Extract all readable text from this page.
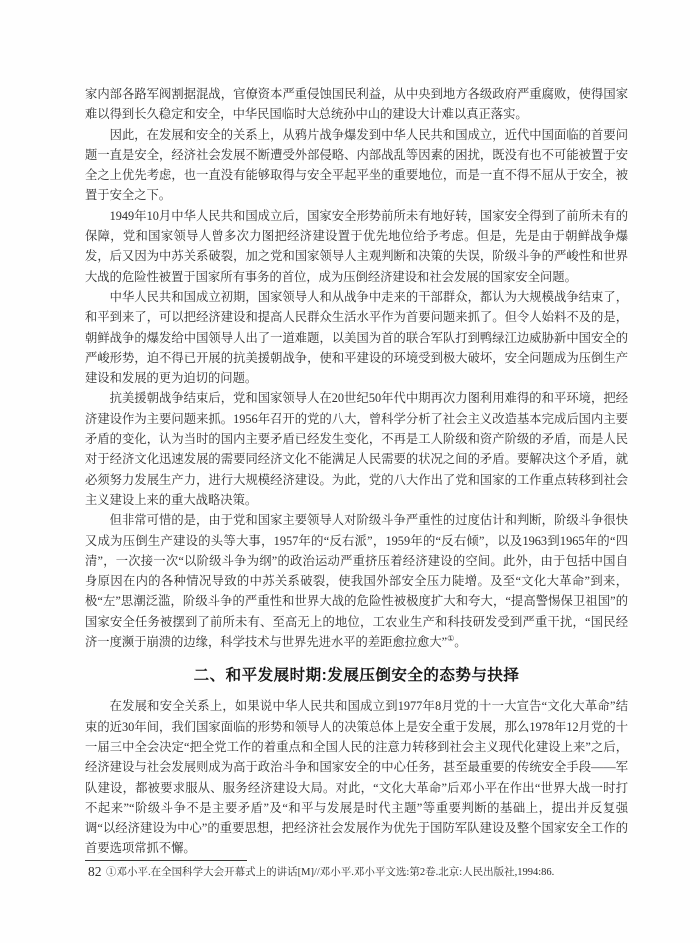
家内部各路军阀割据混战，官僚资本严重侵蚀国民利益，从中央到地方各级政府严重腐败，使得国家难以得到长久稳定和安全，中华民国临时大总统孙中山的建设大计难以真正落实。

因此，在发展和安全的关系上，从鸦片战争爆发到中华人民共和国成立，近代中国面临的首要问题一直是安全，经济社会发展不断遭受外部侵略、内部战乱等因素的困扰，既没有也不可能被置于安全之上优先考虑，也一直没有能够取得与安全平起平坐的重要地位，而是一直不得不屈从于安全，被置于安全之下。

1949年10月中华人民共和国成立后，国家安全形势前所未有地好转，国家安全得到了前所未有的保障，党和国家领导人曾多次力图把经济建设置于优先地位给予考虑。但是，先是由于朝鲜战争爆发，后又因为中苏关系破裂，加之党和国家领导人主观判断和决策的失误，阶级斗争的严峻性和世界大战的危险性被置于国家所有事务的首位，成为压倒经济建设和社会发展的国家安全问题。

中华人民共和国成立初期，国家领导人和从战争中走来的干部群众，都认为大规模战争结束了，和平到来了，可以把经济建设和提高人民群众生活水平作为首要问题来抓了。但令人始料不及的是，朝鲜战争的爆发给中国领导人出了一道难题，以美国为首的联合军队打到鸭绿江边威胁新中国安全的严峻形势，迫不得已开展的抗美援朝战争，使和平建设的环境受到极大破坏，安全问题成为压倒生产建设和发展的更为迫切的问题。

抗美援朝战争结束后，党和国家领导人在20世纪50年代中期再次力图利用难得的和平环境，把经济建设作为主要问题来抓。1956年召开的党的八大，曾科学分析了社会主义改造基本完成后国内主要矛盾的变化，认为当时的国内主要矛盾已经发生变化，不再是工人阶级和资产阶级的矛盾，而是人民对于经济文化迅速发展的需要同经济文化不能满足人民需要的状况之间的矛盾。要解决这个矛盾，就必须努力发展生产力，进行大规模经济建设。为此，党的八大作出了党和国家的工作重点转移到社会主义建设上来的重大战略决策。

但非常可惜的是，由于党和国家主要领导人对阶级斗争严重性的过度估计和判断，阶级斗争很快又成为压倒生产建设的头等大事，1957年的“反右派”，1959年的“反右倾”，以及1963到1965年的“四清”，一次接一次“以阶级斗争为纲”的政治运动严重挤压着经济建设的空间。此外，由于包括中国自身原因在内的各种情况导致的中苏关系破裂，使我国外部安全压力陡增。及至“文化大革命”到来，极“左”思潮泛滥，阶级斗争的严重性和世界大战的危险性被极度扩大和夸大，“提高警惕保卫祖国”的国家安全任务被摆到了前所未有、至高无上的地位，工农业生产和科技研发受到严重干扰，“国民经济一度濒于崩溃的边缘，科学技术与世界先进水平的差距愈拉愈大”①。

二、和平发展时期:发展压倒安全的态势与抉择

在发展和安全关系上，如果说中华人民共和国成立到1977年8月党的十一大宣告“文化大革命”结束的近30年间，我们国家面临的形势和领导人的决策总体上是安全重于发展，那么1978年12月党的十一届三中全会决定“把全党工作的着重点和全国人民的注意力转移到社会主义现代化建设上来”之后，经济建设与社会发展则成为高于政治斗争和国家安全的中心任务，甚至最重要的传统安全手段——军队建设，都被要求服从、服务经济建设大局。对此，“文化大革命”后邓小平在作出“世界大战一时打不起来”“阶级斗争不是主要矛盾”及“和平与发展是时代主题”等重要判断的基础上，提出并反复强调“以经济建设为中心”的重要思想，把经济社会发展作为优先于国防军队建设及整个国家安全工作的首要选项常抓不懈。

①邓小平.在全国科学大会开幕式上的讲话[M]//邓小平.邓小平文选:第2卷.北京:人民出版社,1994:86.

82
